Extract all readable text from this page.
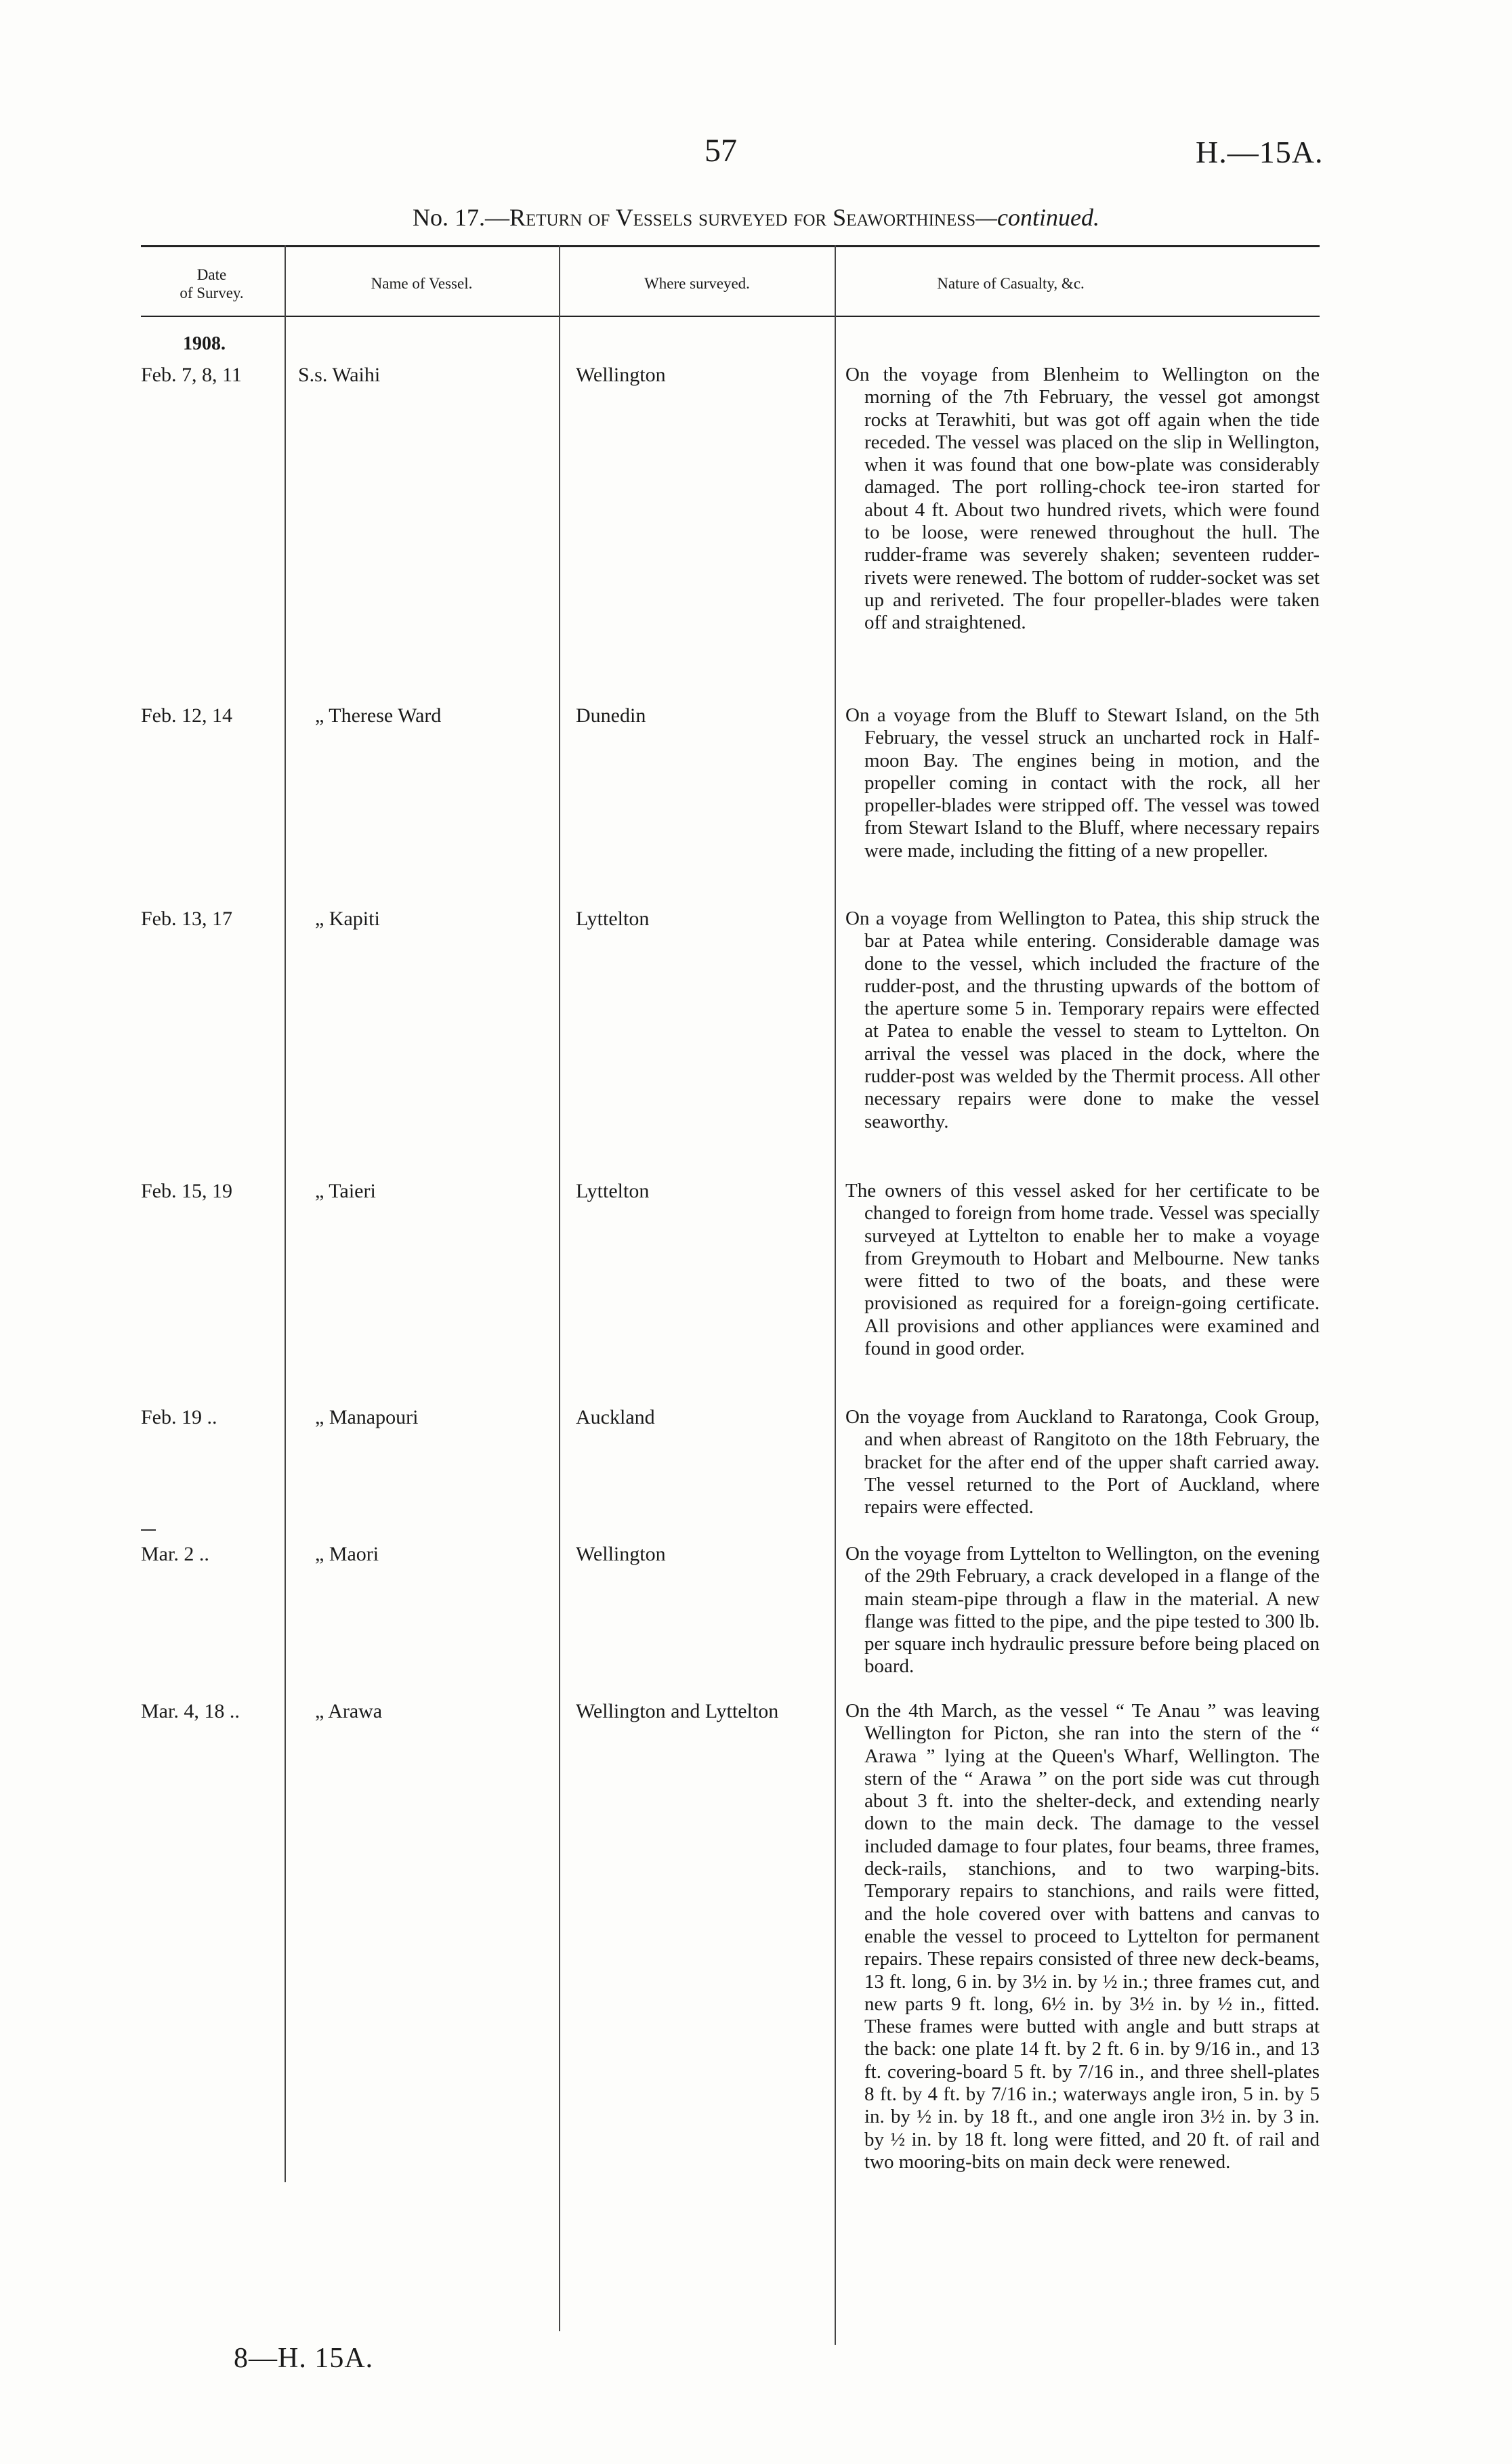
57	H.—15A.
No. 17.—Return of Vessels surveyed for Seaworthiness—continued.
Date
of Survey.
Name of Vessel.	Where surveyed.	Nature of Casualty, &c.
1908.
Feb. 7, 8, 11	S.s. Waihi	Wellington	On the voyage from Blenheim to Wellington on the morning of the 7th February, the vessel got amongst rocks at Terawhiti, but was got off again when the tide receded. The vessel was placed on the slip in Wellington, when it was found that one bow-plate was considerably damaged. The port rolling-chock tee-iron started for about 4 ft. About two hundred rivets, which were found to be loose, were renewed throughout the hull. The rudder-frame was severely shaken; seventeen rudder-rivets were renewed. The bottom of rudder-socket was set up and reriveted. The four propeller-blades were taken off and straightened.

Feb. 12, 14	„ Therese Ward	Dunedin	On a voyage from the Bluff to Stewart Island, on the 5th February, the vessel struck an uncharted rock in Half-moon Bay. The engines being in motion, and the propeller coming in contact with the rock, all her propeller-blades were stripped off. The vessel was towed from Stewart Island to the Bluff, where necessary repairs were made, including the fitting of a new propeller.

Feb. 13, 17	„ Kapiti	Lyttelton	On a voyage from Wellington to Patea, this ship struck the bar at Patea while entering. Considerable damage was done to the vessel, which included the fracture of the rudder-post, and the thrusting upwards of the bottom of the aperture some 5 in. Temporary repairs were effected at Patea to enable the vessel to steam to Lyttelton. On arrival the vessel was placed in the dock, where the rudder-post was welded by the Thermit process. All other necessary repairs were done to make the vessel seaworthy.

Feb. 15, 19	„ Taieri	Lyttelton	The owners of this vessel asked for her certificate to be changed to foreign from home trade. Vessel was specially surveyed at Lyttelton to enable her to make a voyage from Greymouth to Hobart and Melbourne. New tanks were fitted to two of the boats, and these were provisioned as required for a foreign-going certificate. All provisions and other appliances were examined and found in good order.

Feb. 19 ..	„ Manapouri	Auckland	On the voyage from Auckland to Raratonga, Cook Group, and when abreast of Rangitoto on the 18th February, the bracket for the after end of the upper shaft carried away. The vessel returned to the Port of Auckland, where repairs were effected.

Mar. 2 ..	„ Maori	Wellington	On the voyage from Lyttelton to Wellington, on the evening of the 29th February, a crack developed in a flange of the main steam-pipe through a flaw in the material. A new flange was fitted to the pipe, and the pipe tested to 300 lb. per square inch hydraulic pressure before being placed on board.

Mar. 4, 18 ..	„ Arawa	Wellington and Lyttelton	On the 4th March, as the vessel “ Te Anau ” was leaving Wellington for Picton, she ran into the stern of the “ Arawa ” lying at the Queen's Wharf, Wellington. The stern of the “ Arawa ” on the port side was cut through about 3 ft. into the shelter-deck, and extending nearly down to the main deck. The damage to the vessel included damage to four plates, four beams, three frames, deck-rails, stanchions, and to two warping-bits. Temporary repairs to stanchions, and rails were fitted, and the hole covered over with battens and canvas to enable the vessel to proceed to Lyttelton for permanent repairs. These repairs consisted of three new deck-beams, 13 ft. long, 6 in. by 3½ in. by ½ in.; three frames cut, and new parts 9 ft. long, 6½ in. by 3½ in. by ½ in., fitted. These frames were butted with angle and butt straps at the back: one plate 14 ft. by 2 ft. 6 in. by 9/16 in., and 13 ft. covering-board 5 ft. by 7/16 in., and three shell-plates 8 ft. by 4 ft. by 7/16 in.; waterways angle iron, 5 in. by 5 in. by ½ in. by 18 ft., and one angle iron 3½ in. by 3 in. by ½ in. by 18 ft. long were fitted, and 20 ft. of rail and two mooring-bits on main deck were renewed.

8—H. 15A.
